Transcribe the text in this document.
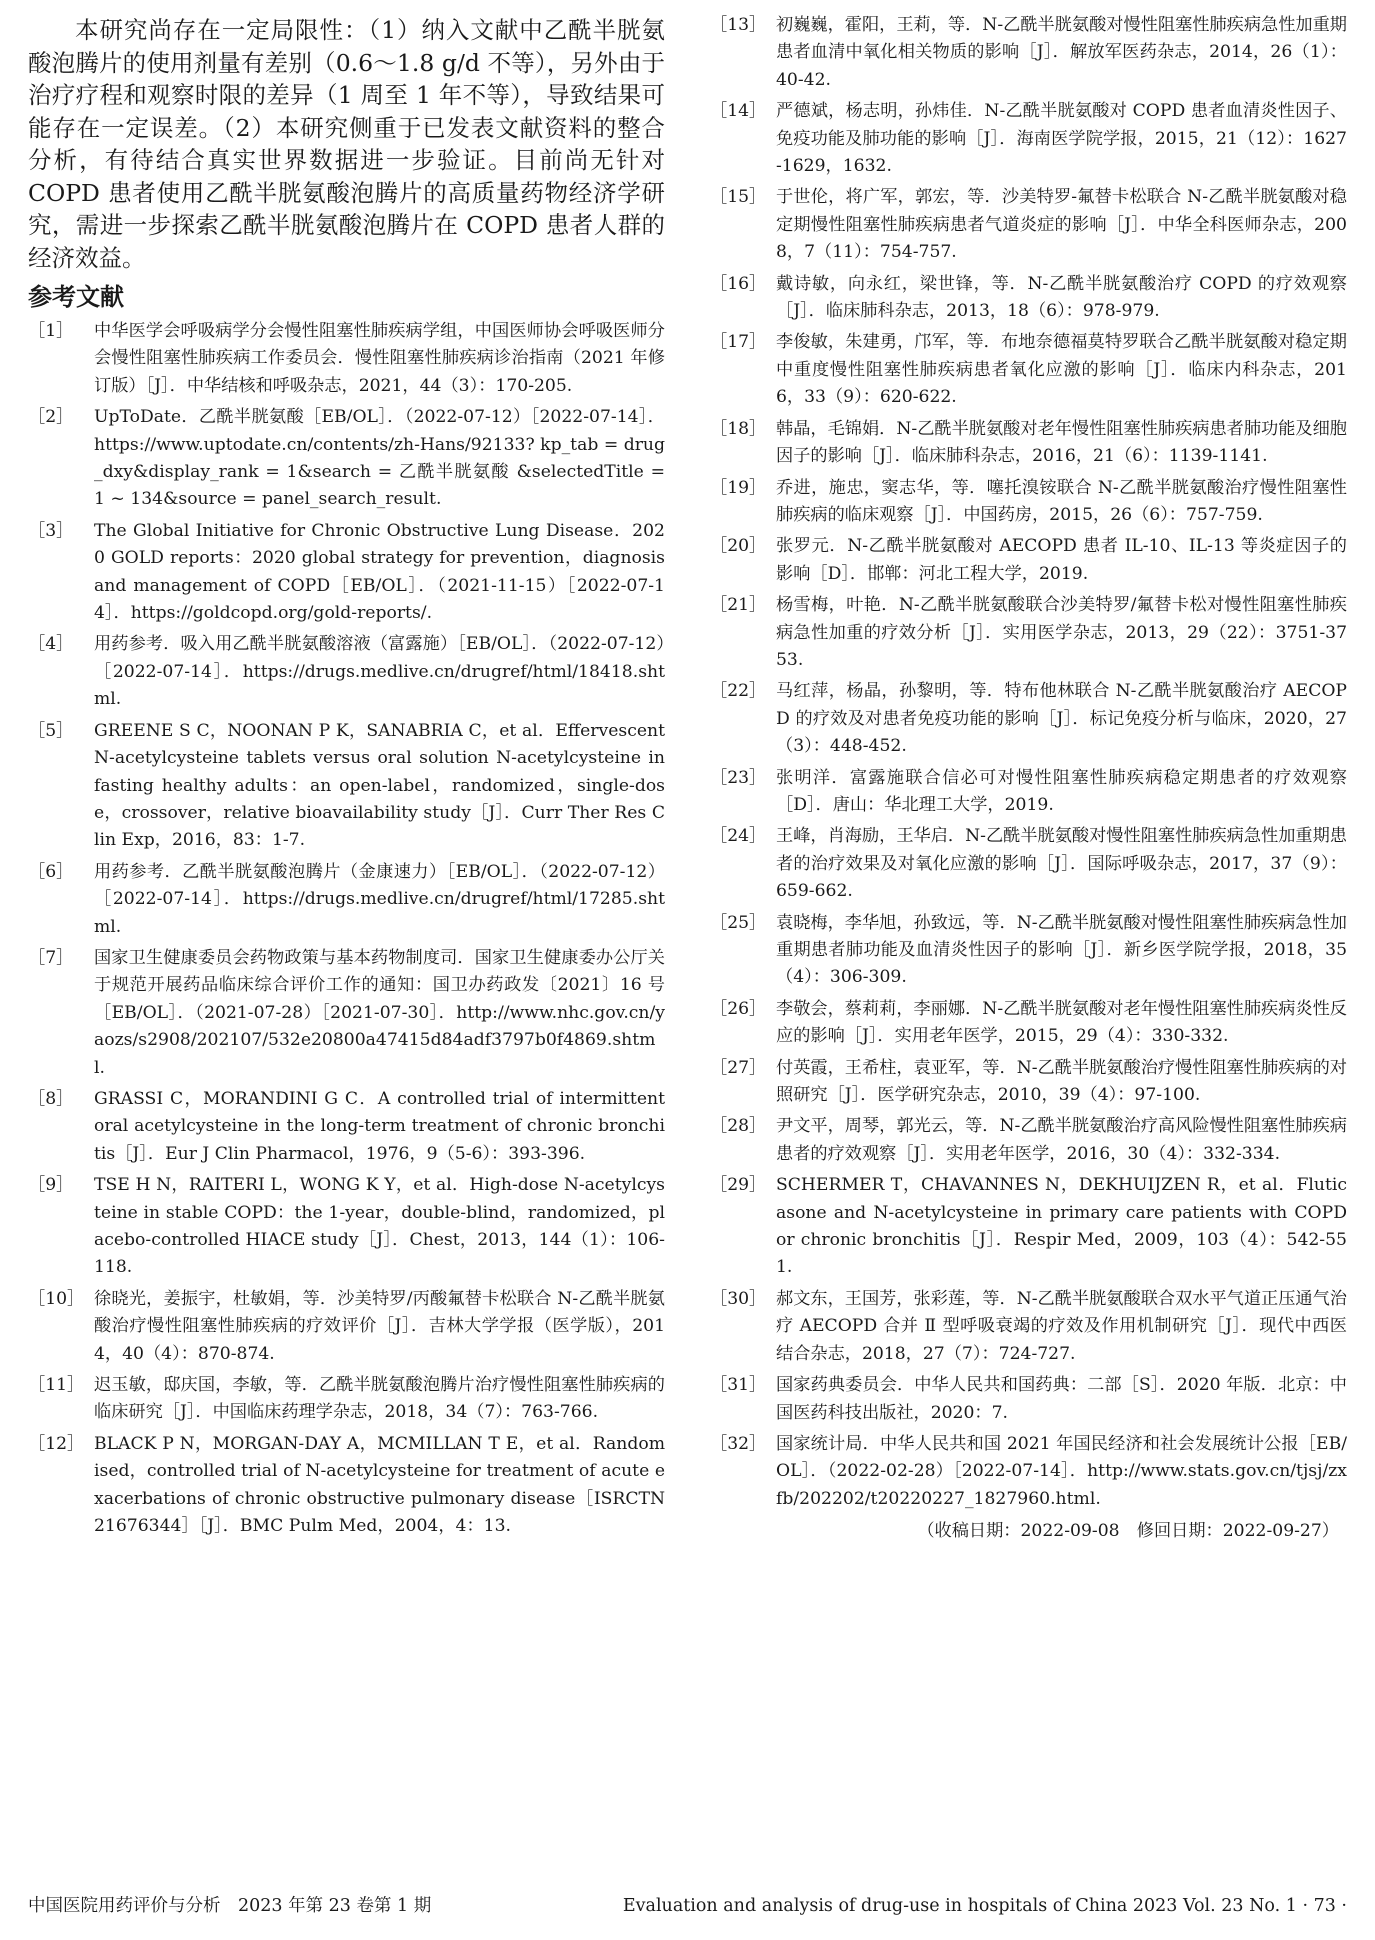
本研究尚存在一定局限性：（1）纳入文献中乙酰半胱氨酸泡腾片的使用剂量有差别（0.6～1.8 g/d 不等），另外由于治疗疗程和观察时限的差异（1 周至 1 年不等），导致结果可能存在一定误差。（2）本研究侧重于已发表文献资料的整合分析，有待结合真实世界数据进一步验证。目前尚无针对 COPD 患者使用乙酰半胱氨酸泡腾片的高质量药物经济学研究，需进一步探索乙酰半胱氨酸泡腾片在 COPD 患者人群的经济效益。

参考文献
［1］	中华医学会呼吸病学分会慢性阻塞性肺疾病学组，中国医师协会呼吸医师分会慢性阻塞性肺疾病工作委员会．慢性阻塞性肺疾病诊治指南（2021 年修订版）［J］．中华结核和呼吸杂志，2021，44（3）：170-205.
［2］	UpToDate．乙酰半胱氨酸［EB/OL］．（2022-07-12）［2022-07-14］．https://www.uptodate.cn/contents/zh-Hans/92133? kp_tab = drug_dxy&display_rank = 1&search = 乙酰半胱氨酸 &selectedTitle = 1 ~ 134&source = panel_search_result.
［3］	The Global Initiative for Chronic Obstructive Lung Disease．2020 GOLD reports：2020 global strategy for prevention，diagnosis and management of COPD［EB/OL］．（2021-11-15）［2022-07-14］．https://goldcopd.org/gold-reports/.
［4］	用药参考．吸入用乙酰半胱氨酸溶液（富露施）［EB/OL］．（2022-07-12）［2022-07-14］．https://drugs.medlive.cn/drugref/html/18418.shtml.
［5］	GREENE S C，NOONAN P K，SANABRIA C，et al．Effervescent N-acetylcysteine tablets versus oral solution N-acetylcysteine in fasting healthy adults：an open-label，randomized，single-dose，crossover，relative bioavailability study［J］．Curr Ther Res Clin Exp，2016，83：1-7.
［6］	用药参考．乙酰半胱氨酸泡腾片（金康速力）［EB/OL］．（2022-07-12）［2022-07-14］．https://drugs.medlive.cn/drugref/html/17285.shtml.
［7］	国家卫生健康委员会药物政策与基本药物制度司．国家卫生健康委办公厅关于规范开展药品临床综合评价工作的通知：国卫办药政发〔2021〕16 号［EB/OL］．（2021-07-28）［2021-07-30］．http://www.nhc.gov.cn/yaozs/s2908/202107/532e20800a47415d84adf3797b0f4869.shtml.
［8］	GRASSI C，MORANDINI G C．A controlled trial of intermittent oral acetylcysteine in the long-term treatment of chronic bronchitis［J］．Eur J Clin Pharmacol，1976，9（5-6）：393-396.
［9］	TSE H N，RAITERI L，WONG K Y，et al．High-dose N-acetylcysteine in stable COPD：the 1-year，double-blind，randomized，placebo-controlled HIACE study［J］．Chest，2013，144（1）：106-118.
［10］ 徐晓光，姜振宇，杜敏娟，等．沙美特罗/丙酸氟替卡松联合 N-乙酰半胱氨酸治疗慢性阻塞性肺疾病的疗效评价［J］．吉林大学学报（医学版），2014，40（4）：870-874.
［11］ 迟玉敏，邸庆国，李敏，等．乙酰半胱氨酸泡腾片治疗慢性阻塞性肺疾病的临床研究［J］．中国临床药理学杂志，2018，34（7）：763-766.
［12］ BLACK P N，MORGAN-DAY A，MCMILLAN T E，et al．Randomised，controlled trial of N-acetylcysteine for treatment of acute exacerbations of chronic obstructive pulmonary disease［ISRCTN21676344］［J］．BMC Pulm Med，2004，4：13.
［13］ 初巍巍，霍阳，王莉，等．N-乙酰半胱氨酸对慢性阻塞性肺疾病急性加重期患者血清中氧化相关物质的影响［J］．解放军医药杂志，2014，26（1）：40-42.
［14］ 严德斌，杨志明，孙炜佳．N-乙酰半胱氨酸对 COPD 患者血清炎性因子、免疫功能及肺功能的影响［J］．海南医学院学报，2015，21（12）：1627-1629，1632.
［15］ 于世伦，将广军，郭宏，等．沙美特罗-氟替卡松联合 N-乙酰半胱氨酸对稳定期慢性阻塞性肺疾病患者气道炎症的影响［J］．中华全科医师杂志，2008，7（11）：754-757.
［16］ 戴诗敏，向永红，梁世锋，等．N-乙酰半胱氨酸治疗 COPD 的疗效观察［J］．临床肺科杂志，2013，18（6）：978-979.
［17］ 李俊敏，朱建勇，邝军，等．布地奈德福莫特罗联合乙酰半胱氨酸对稳定期中重度慢性阻塞性肺疾病患者氧化应激的影响［J］．临床内科杂志，2016，33（9）：620-622.
［18］ 韩晶，毛锦娟．N-乙酰半胱氨酸对老年慢性阻塞性肺疾病患者肺功能及细胞因子的影响［J］．临床肺科杂志，2016，21（6）：1139-1141.
［19］ 乔进，施忠，窦志华，等．噻托溴铵联合 N-乙酰半胱氨酸治疗慢性阻塞性肺疾病的临床观察［J］．中国药房，2015，26（6）：757-759.
［20］ 张罗元．N-乙酰半胱氨酸对 AECOPD 患者 IL-10、IL-13 等炎症因子的影响［D］．邯郸：河北工程大学，2019.
［21］ 杨雪梅，叶艳．N-乙酰半胱氨酸联合沙美特罗/氟替卡松对慢性阻塞性肺疾病急性加重的疗效分析［J］．实用医学杂志，2013，29（22）：3751-3753.
［22］ 马红萍，杨晶，孙黎明，等．特布他林联合 N-乙酰半胱氨酸治疗 AECOPD 的疗效及对患者免疫功能的影响［J］．标记免疫分析与临床，2020，27（3）：448-452.
［23］ 张明洋．富露施联合信必可对慢性阻塞性肺疾病稳定期患者的疗效观察［D］．唐山：华北理工大学，2019.
［24］ 王峰，肖海励，王华启．N-乙酰半胱氨酸对慢性阻塞性肺疾病急性加重期患者的治疗效果及对氧化应激的影响［J］．国际呼吸杂志，2017，37（9）：659-662.
［25］ 袁晓梅，李华旭，孙致远，等．N-乙酰半胱氨酸对慢性阻塞性肺疾病急性加重期患者肺功能及血清炎性因子的影响［J］．新乡医学院学报，2018，35（4）：306-309.
［26］ 李敬会，蔡莉莉，李丽娜．N-乙酰半胱氨酸对老年慢性阻塞性肺疾病炎性反应的影响［J］．实用老年医学，2015，29（4）：330-332.
［27］ 付英霞，王希柱，袁亚军，等．N-乙酰半胱氨酸治疗慢性阻塞性肺疾病的对照研究［J］．医学研究杂志，2010，39（4）：97-100.
［28］ 尹文平，周琴，郭光云，等．N-乙酰半胱氨酸治疗高风险慢性阻塞性肺疾病患者的疗效观察［J］．实用老年医学，2016，30（4）：332-334.
［29］ SCHERMER T，CHAVANNES N，DEKHUIJZEN R，et al．Fluticasone and N-acetylcysteine in primary care patients with COPD or chronic bronchitis［J］．Respir Med，2009，103（4）：542-551.
［30］ 郝文东，王国芳，张彩莲，等．N-乙酰半胱氨酸联合双水平气道正压通气治疗 AECOPD 合并 Ⅱ 型呼吸衰竭的疗效及作用机制研究［J］．现代中西医结合杂志，2018，27（7）：724-727.
［31］ 国家药典委员会．中华人民共和国药典：二部［S］．2020 年版．北京：中国医药科技出版社，2020：7.
［32］ 国家统计局．中华人民共和国 2021 年国民经济和社会发展统计公报［EB/OL］．（2022-02-28）［2022-07-14］．http://www.stats.gov.cn/tjsj/zxfb/202202/t20220227_1827960.html.

（收稿日期：2022-09-08　修回日期：2022-09-27）

中国医院用药评价与分析　2023 年第 23 卷第 1 期	Evaluation and analysis of drug-use in hospitals of China 2023 Vol. 23 No. 1 · 73 ·
